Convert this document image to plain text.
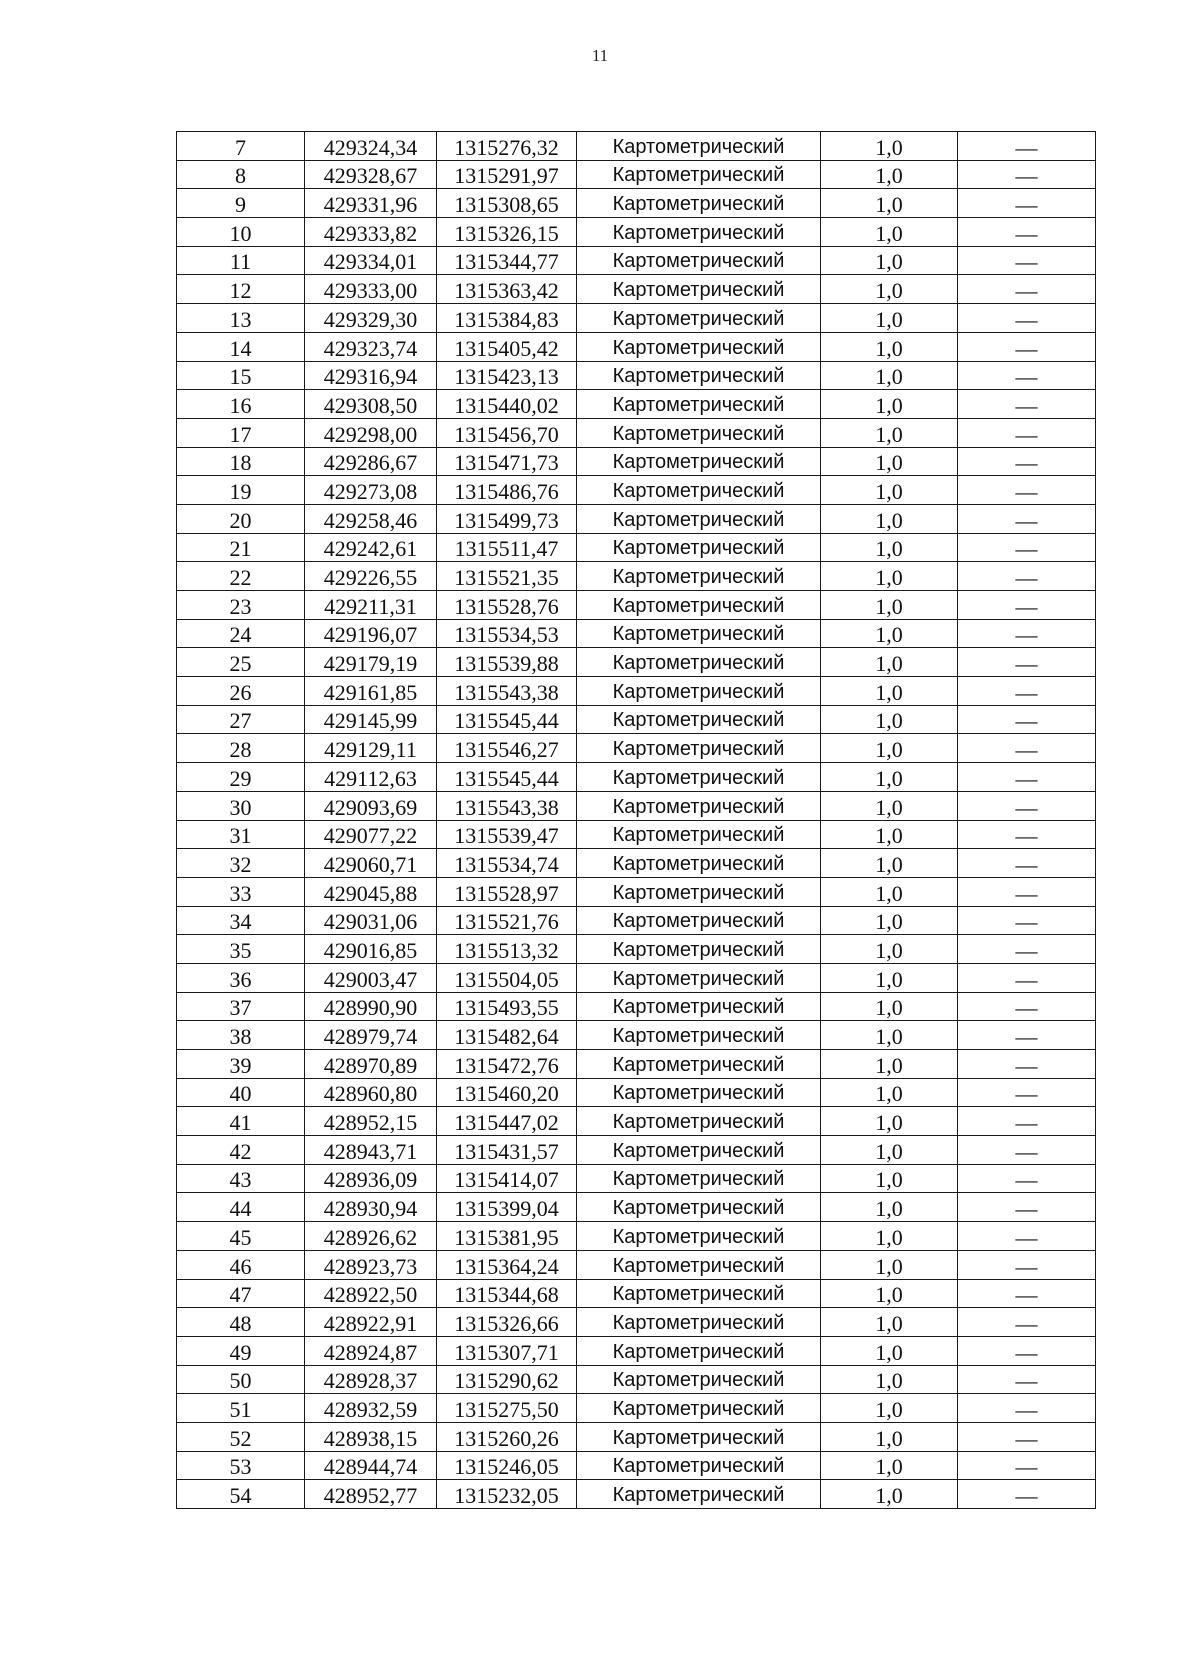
11
7	429324,34	1315276,32	Картометрический	1,0	—
8	429328,67	1315291,97	Картометрический	1,0	—
9	429331,96	1315308,65	Картометрический	1,0	—
10	429333,82	1315326,15	Картометрический	1,0	—
11	429334,01	1315344,77	Картометрический	1,0	—
12	429333,00	1315363,42	Картометрический	1,0	—
13	429329,30	1315384,83	Картометрический	1,0	—
14	429323,74	1315405,42	Картометрический	1,0	—
15	429316,94	1315423,13	Картометрический	1,0	—
16	429308,50	1315440,02	Картометрический	1,0	—
17	429298,00	1315456,70	Картометрический	1,0	—
18	429286,67	1315471,73	Картометрический	1,0	—
19	429273,08	1315486,76	Картометрический	1,0	—
20	429258,46	1315499,73	Картометрический	1,0	—
21	429242,61	1315511,47	Картометрический	1,0	—
22	429226,55	1315521,35	Картометрический	1,0	—
23	429211,31	1315528,76	Картометрический	1,0	—
24	429196,07	1315534,53	Картометрический	1,0	—
25	429179,19	1315539,88	Картометрический	1,0	—
26	429161,85	1315543,38	Картометрический	1,0	—
27	429145,99	1315545,44	Картометрический	1,0	—
28	429129,11	1315546,27	Картометрический	1,0	—
29	429112,63	1315545,44	Картометрический	1,0	—
30	429093,69	1315543,38	Картометрический	1,0	—
31	429077,22	1315539,47	Картометрический	1,0	—
32	429060,71	1315534,74	Картометрический	1,0	—
33	429045,88	1315528,97	Картометрический	1,0	—
34	429031,06	1315521,76	Картометрический	1,0	—
35	429016,85	1315513,32	Картометрический	1,0	—
36	429003,47	1315504,05	Картометрический	1,0	—
37	428990,90	1315493,55	Картометрический	1,0	—
38	428979,74	1315482,64	Картометрический	1,0	—
39	428970,89	1315472,76	Картометрический	1,0	—
40	428960,80	1315460,20	Картометрический	1,0	—
41	428952,15	1315447,02	Картометрический	1,0	—
42	428943,71	1315431,57	Картометрический	1,0	—
43	428936,09	1315414,07	Картометрический	1,0	—
44	428930,94	1315399,04	Картометрический	1,0	—
45	428926,62	1315381,95	Картометрический	1,0	—
46	428923,73	1315364,24	Картометрический	1,0	—
47	428922,50	1315344,68	Картометрический	1,0	—
48	428922,91	1315326,66	Картометрический	1,0	—
49	428924,87	1315307,71	Картометрический	1,0	—
50	428928,37	1315290,62	Картометрический	1,0	—
51	428932,59	1315275,50	Картометрический	1,0	—
52	428938,15	1315260,26	Картометрический	1,0	—
53	428944,74	1315246,05	Картометрический	1,0	—
54	428952,77	1315232,05	Картометрический	1,0	—
